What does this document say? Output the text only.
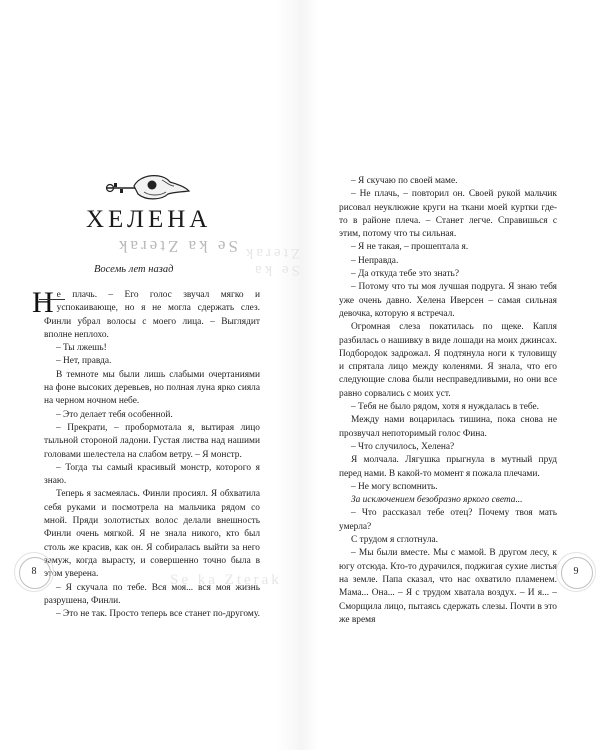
ХЕЛЕНА
Se ka Zterak
Se ka Zterak
Восемь лет назад

Не плачь. – Его голос звучал мягко и успокаивающе, но я не могла сдержать слез. Финли убрал волосы с моего лица. – Выглядит вполне неплохо.

– Ты лжешь!

– Нет, правда.

В темноте мы были лишь слабыми очертаниями на фоне высоких деревьев, но полная луна ярко сияла на черном ночном небе.

– Это делает тебя особенной.

– Прекрати, – пробормотала я, вытирая лицо тыльной стороной ладони. Густая листва над нашими головами шелестела на слабом ветру. – Я монстр.

– Тогда ты самый красивый монстр, которого я знаю.

Теперь я засмеялась. Финли просиял. Я обхватила себя руками и посмотрела на мальчика рядом со мной. Пряди золотистых волос делали внешность Финли очень мягкой. Я не знала никого, кто был столь же красив, как он. Я собиралась выйти за него замуж, когда вырасту, и совершенно точно была в этом уверена.

– Я скучала по тебе. Вся моя... вся моя жизнь разрушена, Финли.

– Это не так. Просто теперь все станет по-другому.

8
Se ka Zterak

– Я скучаю по своей маме.

– Не плачь, – повторил он. Своей рукой мальчик рисовал неуклюжие круги на ткани моей куртки где-то в районе плеча. – Станет легче. Справишься с этим, потому что ты сильная.

– Я не такая, – прошептала я.

– Неправда.

– Да откуда тебе это знать?

– Потому что ты моя лучшая подруга. Я знаю тебя уже очень давно. Хелена Иверсен – самая сильная девочка, которую я встречал.

Огромная слеза покатилась по щеке. Капля разбилась о нашивку в виде лошади на моих джинсах. Подбородок задрожал. Я подтянула ноги к туловищу и спрятала лицо между коленями. Я знала, что его следующие слова были несправедливыми, но они все равно сорвались с моих уст.

– Тебя не было рядом, хотя я нуждалась в тебе.

Между нами воцарилась тишина, пока снова не прозвучал непоторимый голос Фина.

– Что случилось, Хелена?

Я молчала. Лягушка прыгнула в мутный пруд перед нами. В какой-то момент я пожала плечами.

– Не могу вспомнить.

За исключением безобразно яркого света...

– Что рассказал тебе отец? Почему твоя мать умерла?

С трудом я сглотнула.

– Мы были вместе. Мы с мамой. В другом лесу, к югу отсюда. Кто-то дурачился, поджигая сухие листья на земле. Папа сказал, что нас охватило пламенем. Мама... Она... – Я с трудом хватала воздух. – И я... – Сморщила лицо, пытаясь сдержать слезы. Почти в это же время

9
